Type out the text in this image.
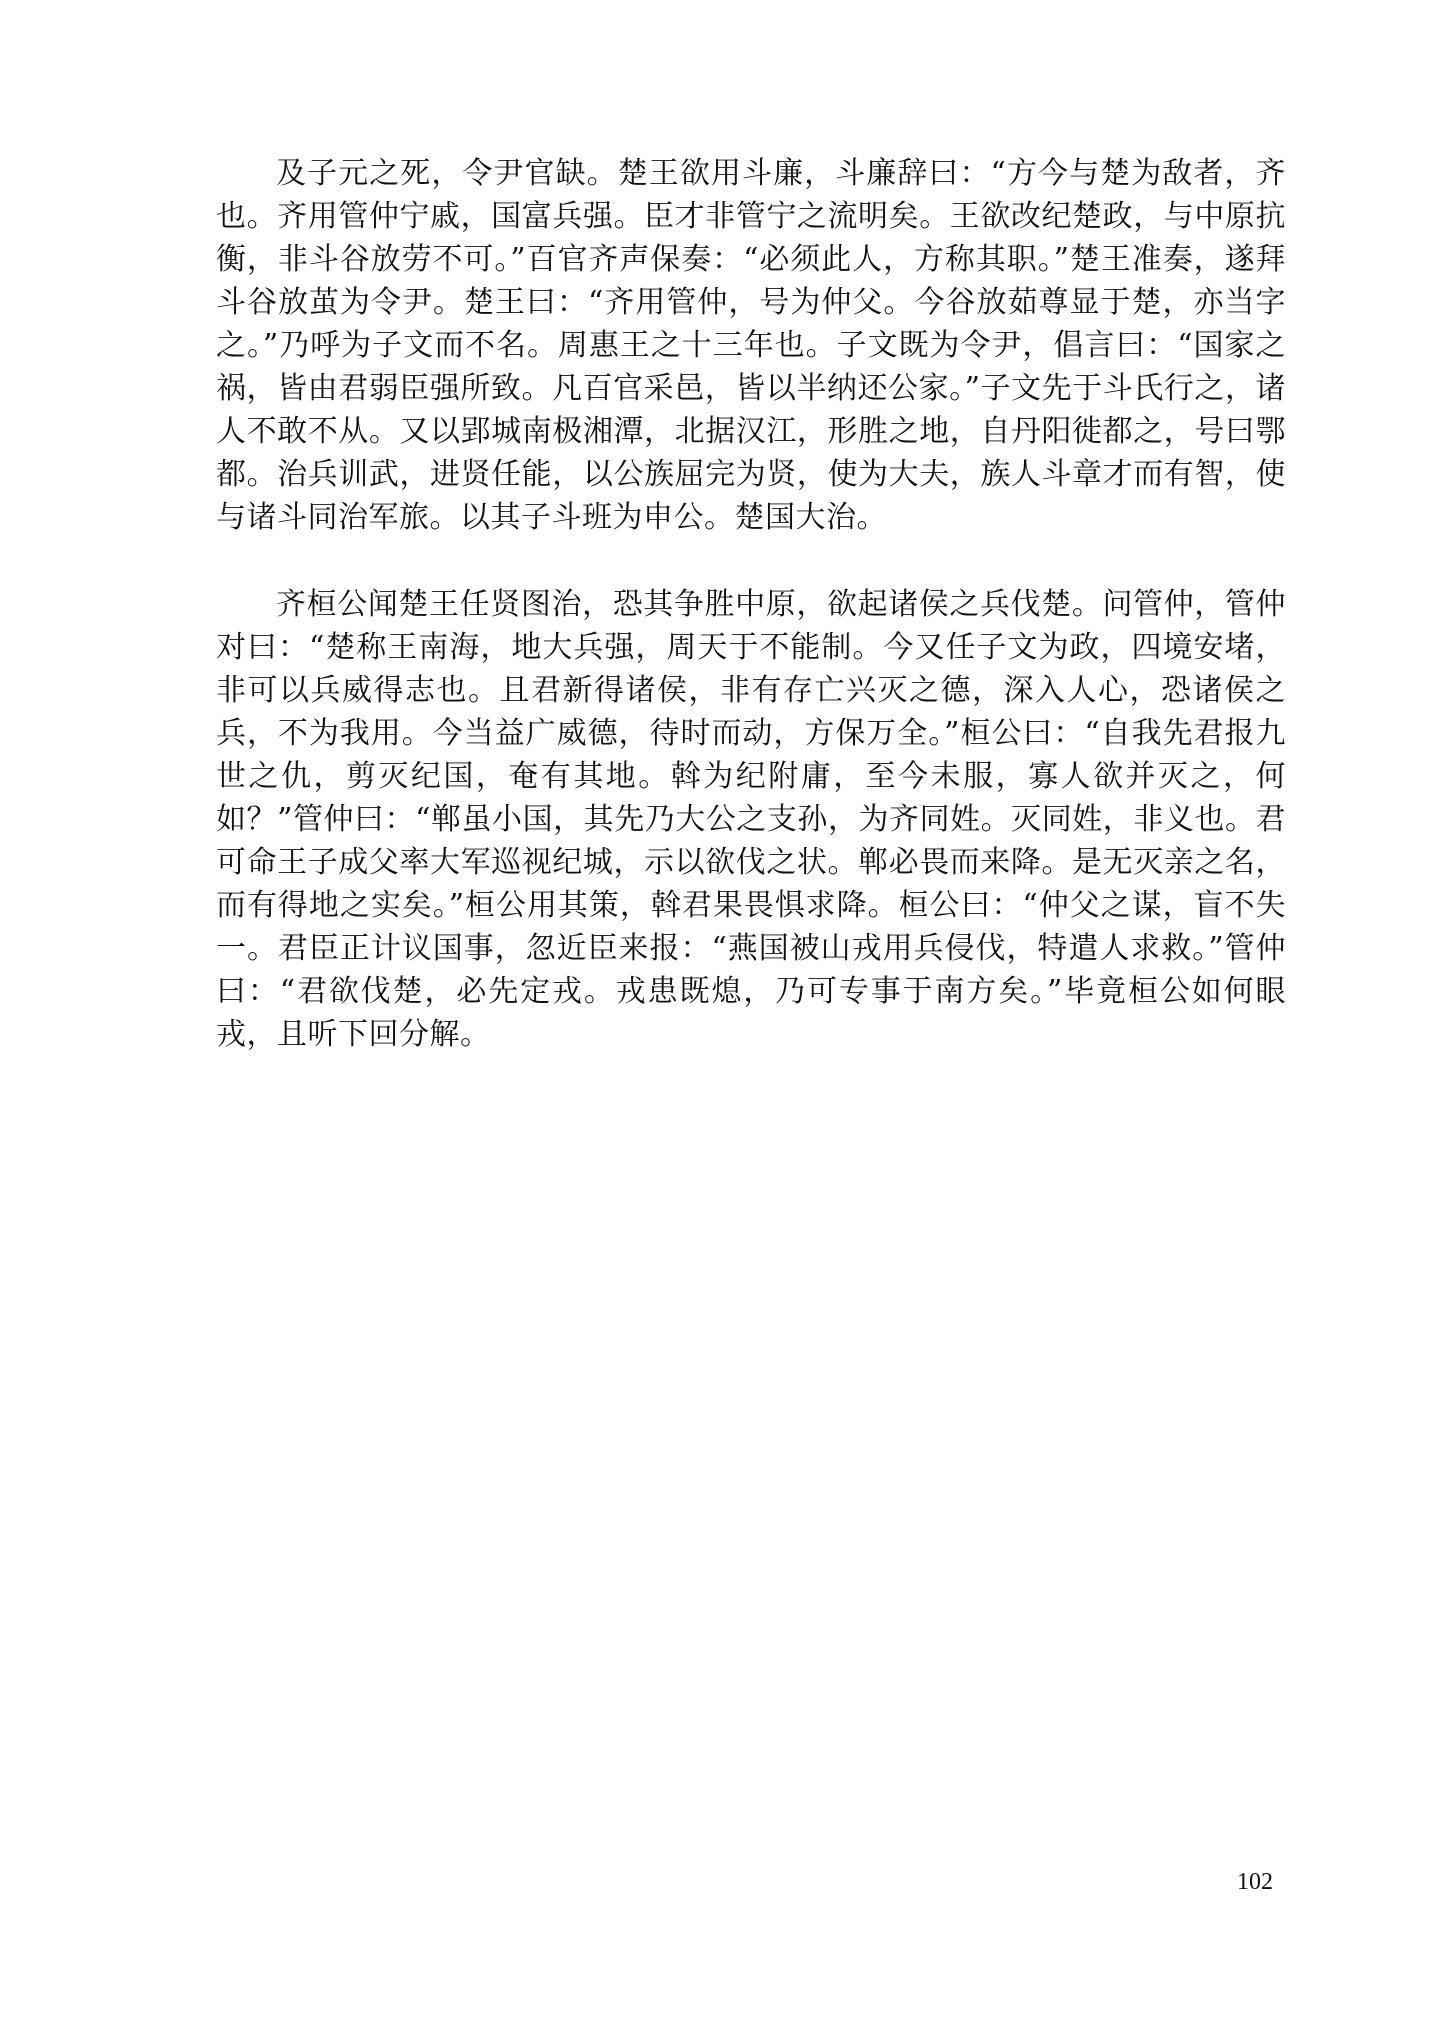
及子元之死，令尹官缺。楚王欲用斗廉，斗廉辞曰：“方今与楚为敌者，齐也。齐用管仲宁戚，国富兵强。臣才非管宁之流明矣。王欲改纪楚政，与中原抗衡，非斗谷放劳不可。”百官齐声保奏：“必须此人，方称其职。”楚王准奏，遂拜斗谷放茧为令尹。楚王曰：“齐用管仲，号为仲父。今谷放茹尊显于楚，亦当字之。”乃呼为子文而不名。周惠王之十三年也。子文既为令尹，倡言曰：“国家之祸，皆由君弱臣强所致。凡百官采邑，皆以半纳还公家。”子文先于斗氏行之，诸人不敢不从。又以郢城南极湘潭，北据汉江，形胜之地，自丹阳徙都之，号曰鄂都。治兵训武，进贤任能，以公族屈完为贤，使为大夫，族人斗章才而有智，使与诸斗同治军旅。以其子斗班为申公。楚国大治。

齐桓公闻楚王任贤图治，恐其争胜中原，欲起诸侯之兵伐楚。问管仲，管仲对曰：“楚称王南海，地大兵强，周天于不能制。今又任子文为政，四境安堵，非可以兵威得志也。且君新得诸侯，非有存亡兴灭之德，深入人心，恐诸侯之兵，不为我用。今当益广威德，待时而动，方保万全。”桓公曰：“自我先君报九世之仇，剪灭纪国，奄有其地。斡为纪附庸，至今未服，寡人欲并灭之，何如？”管仲曰：“郸虽小国，其先乃大公之支孙，为齐同姓。灭同姓，非义也。君可命王子成父率大军巡视纪城，示以欲伐之状。郸必畏而来降。是无灭亲之名，而有得地之实矣。”桓公用其策，斡君果畏惧求降。桓公曰：“仲父之谋，盲不失一。君臣正计议国事，忽近臣来报：“燕国被山戎用兵侵伐，特遣人求救。”管仲曰：“君欲伐楚，必先定戎。戎患既熄，乃可专事于南方矣。”毕竟桓公如何眼戎，且听下回分解。

102
